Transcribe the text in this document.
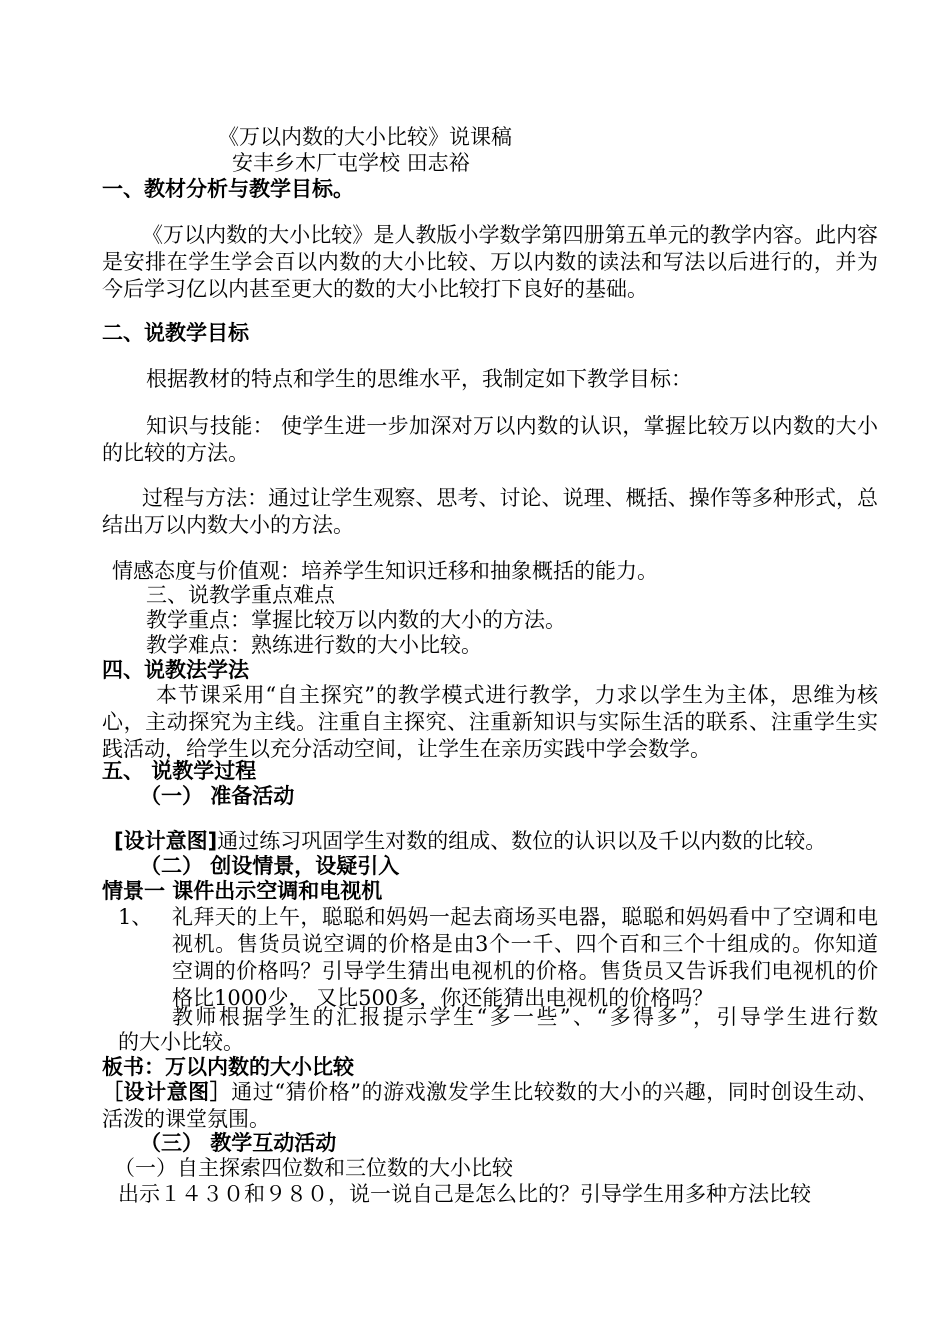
《万以内数的大小比较》说课稿
安丰乡木厂屯学校 田志裕
一、教材分析与教学目标。
《万以内数的大小比较》是人教版小学数学第四册第五单元的教学内容。此内容是安排在学生学会百以内数的大小比较、万以内数的读法和写法以后进行的，并为今后学习亿以内甚至更大的数的大小比较打下良好的基础。
二、说教学目标
根据教材的特点和学生的思维水平，我制定如下教学目标：
知识与技能： 使学生进一步加深对万以内数的认识，掌握比较万以内数的大小的比较的方法。
过程与方法：通过让学生观察、思考、讨论、说理、概括、操作等多种形式，总结出万以内数大小的方法。
情感态度与价值观：培养学生知识迁移和抽象概括的能力。
三、说教学重点难点
教学重点：掌握比较万以内数的大小的方法。
教学难点：熟练进行数的大小比较。
四、说教法学法
本节课采用“自主探究”的教学模式进行教学，力求以学生为主体，思维为核心，主动探究为主线。注重自主探究、注重新知识与实际生活的联系、注重学生实践活动，给学生以充分活动空间，让学生在亲历实践中学会数学。
五、 说教学过程
（一） 准备活动
[设计意图]通过练习巩固学生对数的组成、数位的认识以及千以内数的比较。
（二） 创设情景，设疑引入
情景一 课件出示空调和电视机
1、 礼拜天的上午，聪聪和妈妈一起去商场买电器，聪聪和妈妈看中了空调和电视机。售货员说空调的价格是由3个一千、四个百和三个十组成的。你知道空调的价格吗？引导学生猜出电视机的价格。售货员又告诉我们电视机的价格比1000少， 又比500多，你还能猜出电视机的价格吗？
教师根据学生的汇报提示学生“多一些”、“多得多”，引导学生进行数
的大小比较。
板书：万以内数的大小比较
［设计意图］通过“猜价格”的游戏激发学生比较数的大小的兴趣，同时创设生动、活泼的课堂氛围。
（三） 教学互动活动
（一）自主探索四位数和三位数的大小比较
出示１４３０和９８０，说一说自己是怎么比的？引导学生用多种方法比较
